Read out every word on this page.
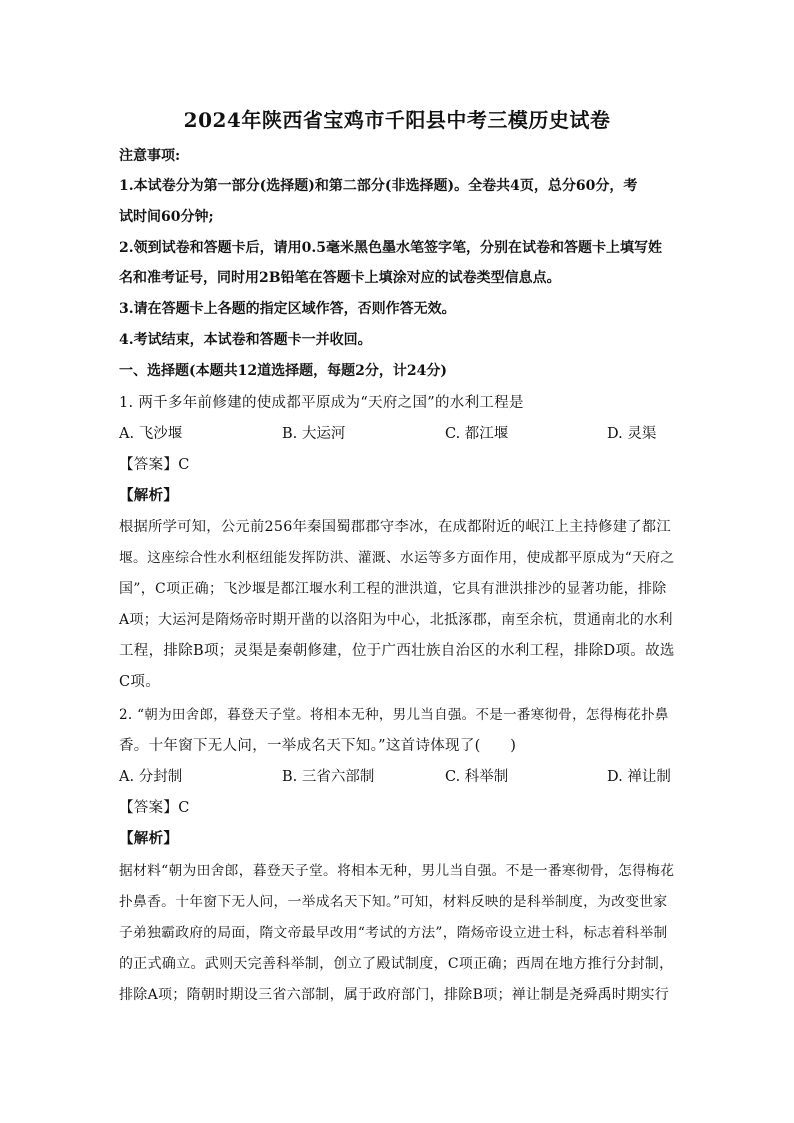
2024年陕西省宝鸡市千阳县中考三模历史试卷
注意事项:
1.本试卷分为第一部分(选择题)和第二部分(非选择题)。全卷共4页，总分60分，考
试时间60分钟;
2.领到试卷和答题卡后，请用0.5毫米黑色墨水笔签字笔，分别在试卷和答题卡上填写姓
名和准考证号，同时用2B铅笔在答题卡上填涂对应的试卷类型信息点。
3.请在答题卡上各题的指定区域作答，否则作答无效。
4.考试结束，本试卷和答题卡一并收回。
一、选择题(本题共12道选择题，每题2分，计24分)
1. 两千多年前修建的使成都平原成为“天府之国”的水利工程是
A. 飞沙堰	B. 大运河	C. 都江堰	D. 灵渠
【答案】C
【解析】
根据所学可知，公元前256年秦国蜀郡郡守李冰，在成都附近的岷江上主持修建了都江
堰。这座综合性水利枢纽能发挥防洪、灌溉、水运等多方面作用，使成都平原成为“天府之
国”，C项正确；飞沙堰是都江堰水利工程的泄洪道，它具有泄洪排沙的显著功能，排除
A项；大运河是隋炀帝时期开凿的以洛阳为中心，北抵涿郡，南至余杭，贯通南北的水利
工程，排除B项；灵渠是秦朝修建，位于广西壮族自治区的水利工程，排除D项。故选
C项。
2. “朝为田舍郎，暮登天子堂。将相本无种，男儿当自强。不是一番寒彻骨，怎得梅花扑鼻
香。十年窗下无人问，一举成名天下知。”这首诗体现了(　　)
A. 分封制	B. 三省六部制	C. 科举制	D. 禅让制
【答案】C
【解析】
据材料“朝为田舍郎，暮登天子堂。将相本无种，男儿当自强。不是一番寒彻骨，怎得梅花
扑鼻香。十年窗下无人问，一举成名天下知。”可知，材料反映的是科举制度，为改变世家
子弟独霸政府的局面，隋文帝最早改用“考试的方法”，隋炀帝设立进士科，标志着科举制
的正式确立。武则天完善科举制，创立了殿试制度，C项正确；西周在地方推行分封制，
排除A项；隋朝时期设三省六部制，属于政府部门，排除B项；禅让制是尧舜禹时期实行
